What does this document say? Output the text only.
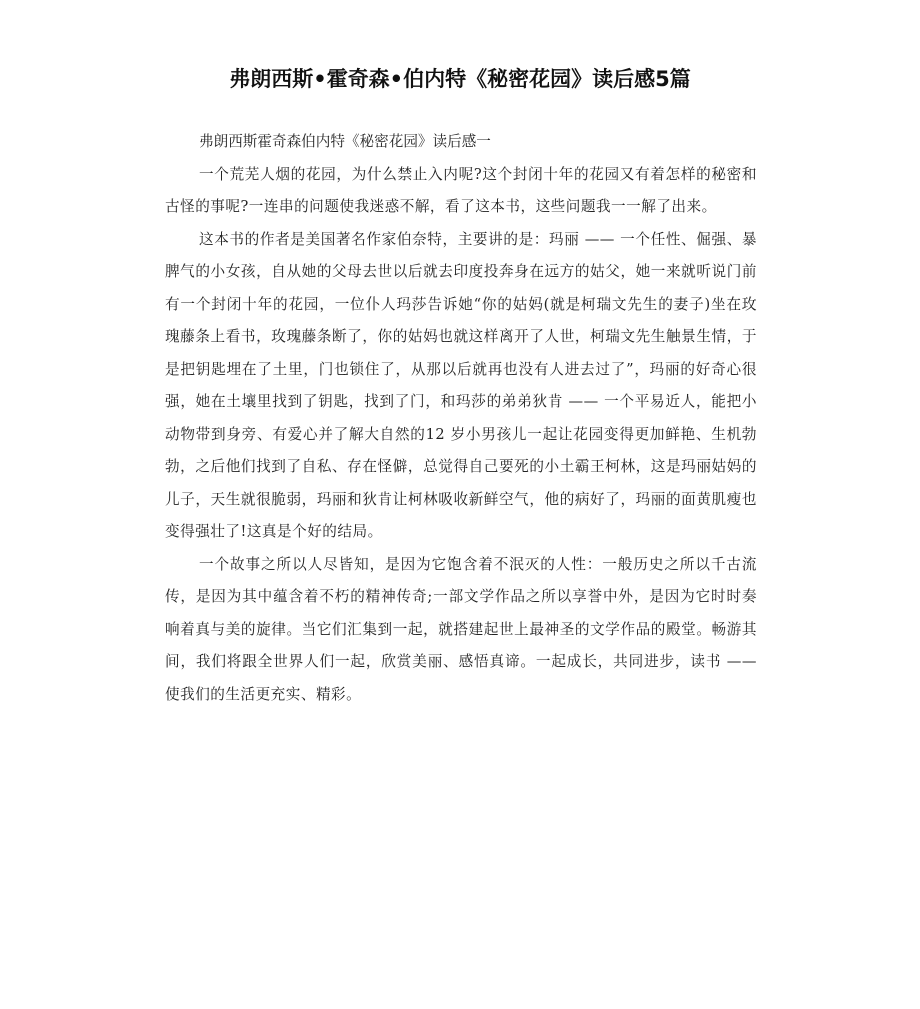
弗朗西斯•霍奇森•伯内特《秘密花园》读后感5篇

弗朗西斯霍奇森伯内特《秘密花园》读后感一

一个荒芜人烟的花园，为什么禁止入内呢?这个封闭十年的花园又有着怎样的秘密和古怪的事呢?一连串的问题使我迷惑不解，看了这本书，这些问题我一一解了出来。

这本书的作者是美国著名作家伯奈特，主要讲的是：玛丽 —— 一个任性、倔强、暴脾气的小女孩，自从她的父母去世以后就去印度投奔身在远方的姑父，她一来就听说门前有一个封闭十年的花园，一位仆人玛莎告诉她“你的姑妈(就是柯瑞文先生的妻子)坐在玫瑰藤条上看书，玫瑰藤条断了，你的姑妈也就这样离开了人世，柯瑞文先生触景生情，于是把钥匙埋在了土里，门也锁住了，从那以后就再也没有人进去过了”，玛丽的好奇心很强，她在土壤里找到了钥匙，找到了门，和玛莎的弟弟狄肯 —— 一个平易近人，能把小动物带到身旁、有爱心并了解大自然的12 岁小男孩儿一起让花园变得更加鲜艳、生机勃勃，之后他们找到了自私、存在怪僻，总觉得自己要死的小土霸王柯林，这是玛丽姑妈的儿子，天生就很脆弱，玛丽和狄肯让柯林吸收新鲜空气，他的病好了，玛丽的面黄肌瘦也变得强壮了!这真是个好的结局。

一个故事之所以人尽皆知，是因为它饱含着不泯灭的人性：一般历史之所以千古流传，是因为其中蕴含着不朽的精神传奇;一部文学作品之所以享誉中外，是因为它时时奏响着真与美的旋律。当它们汇集到一起，就搭建起世上最神圣的文学作品的殿堂。畅游其间，我们将跟全世界人们一起，欣赏美丽、感悟真谛。一起成长，共同进步，读书 —— 使我们的生活更充实、精彩。
